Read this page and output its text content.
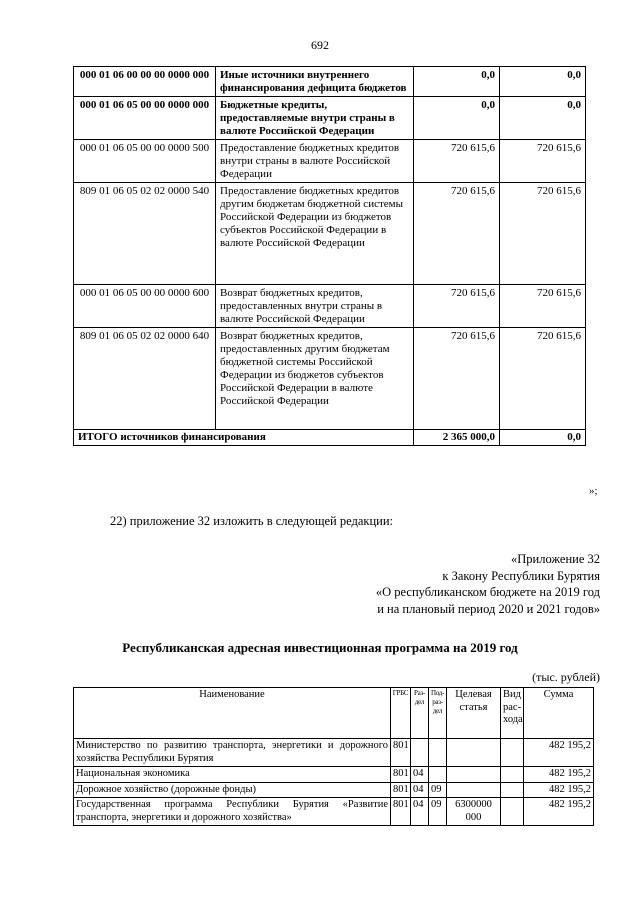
692
000 01 06 00 00 00 0000 000	Иные источники внутреннего финансирования дефицита бюджетов	0,0	0,0
000 01 06 05 00 00 0000 000	Бюджетные кредиты, предоставляемые внутри страны в валюте Российской Федерации	0,0	0,0
000 01 06 05 00 00 0000 500	Предоставление бюджетных кредитов внутри страны в валюте Российской Федерации	720 615,6	720 615,6
809 01 06 05 02 02 0000 540	Предоставление бюджетных кредитов другим бюджетам бюджетной системы Российской Федерации из бюджетов субъектов Российской Федерации в валюте Российской Федерации	720 615,6	720 615,6
000 01 06 05 00 00 0000 600	Возврат бюджетных кредитов, предоставленных внутри страны в валюте Российской Федерации	720 615,6	720 615,6
809 01 06 05 02 02 0000 640	Возврат бюджетных кредитов, предоставленных другим бюджетам бюджетной системы Российской Федерации из бюджетов субъектов Российской Федерации в валюте Российской Федерации	720 615,6	720 615,6
ИТОГО источников финансирования		2 365 000,0	0,0
»;
22) приложение 32 изложить в следующей редакции:
«Приложение 32
к Закону Республики Бурятия
«О республиканском бюджете на 2019 год
и на плановый период 2020 и 2021 годов»
Республиканская адресная инвестиционная программа на 2019 год
(тыс. рублей)
Наименование	ГРБС	Раз-дел	Под-раз-дел	Целевая статья	Вид рас-хода	Сумма
Министерство по развитию транспорта, энергетики и дорожного хозяйства Республики Бурятия	801					482 195,2
Национальная экономика	801	04				482 195,2
Дорожное хозяйство (дорожные фонды)	801	04	09			482 195,2
Государственная программа Республики Бурятия «Развитие транспорта, энергетики и дорожного хозяйства»	801	04	09	6300000 000		482 195,2
